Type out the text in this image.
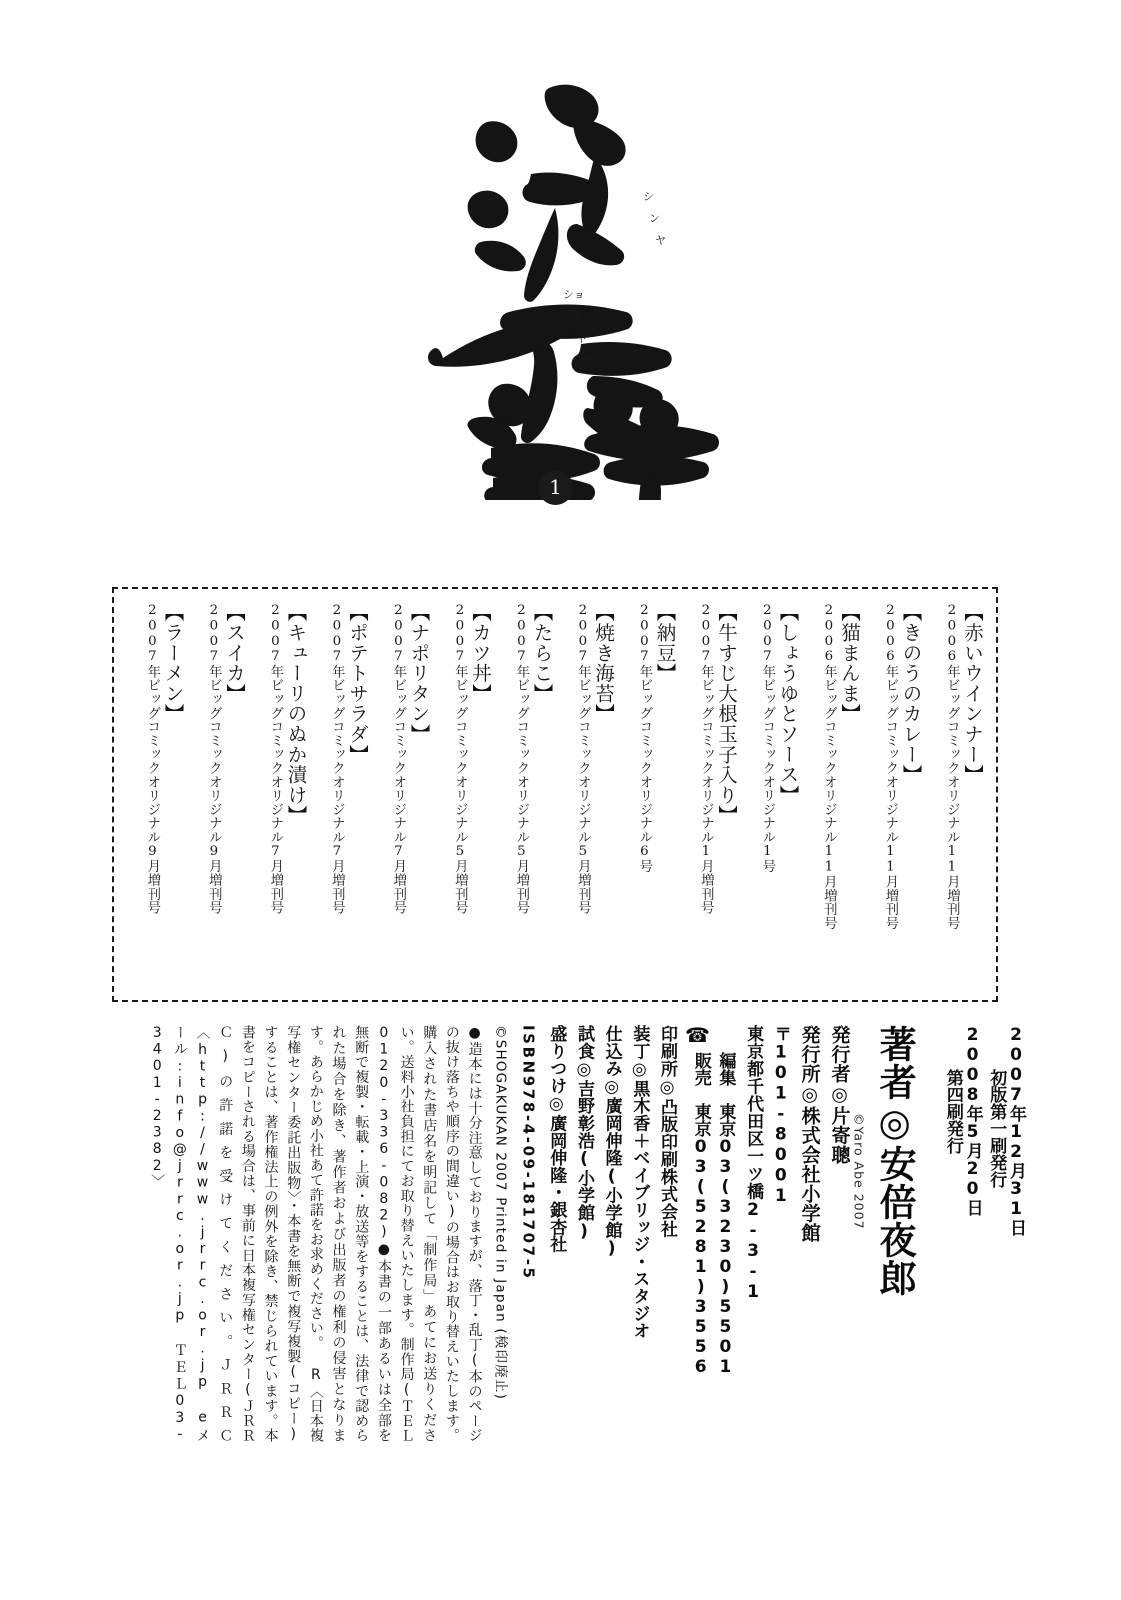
シ
ン
ヤ
ショ
ク
ド
ウ
1
【赤いウインナー】
2006年ビッグコミックオリジナル11月増刊号
【きのうのカレー】
2006年ビッグコミックオリジナル11月増刊号
【猫まんま】
2006年ビッグコミックオリジナル11月増刊号
【しょうゆとソース】
2007年ビッグコミックオリジナル1号
【牛すじ大根玉子入り】
2007年ビッグコミックオリジナル1月増刊号
【納豆】
2007年ビッグコミックオリジナル6号
【焼き海苔】
2007年ビッグコミックオリジナル5月増刊号
【たらこ】
2007年ビッグコミックオリジナル5月増刊号
【カツ丼】
2007年ビッグコミックオリジナル5月増刊号
【ナポリタン】
2007年ビッグコミックオリジナル7月増刊号
【ポテトサラダ】
2007年ビッグコミックオリジナル7月増刊号
【キューリのぬか漬け】
2007年ビッグコミックオリジナル7月増刊号
【スイカ】
2007年ビッグコミックオリジナル9月増刊号
【ラーメン】
2007年ビッグコミックオリジナル9月増刊号
2007年12月31日
初版第一刷発行
2008年5月20日
第四刷発行
著者◎安倍夜郎
©Yaro Abe 2007
発行者◎片寄聰
発行所◎株式会社小学館
〒101-8001
東京都千代田区一ツ橋2-3-1
☎
編集　東京03(3230)5501
販売　東京03(5281)3556
印刷所◎凸版印刷株式会社
装丁◎黒木香＋ベイブリッジ・スタジオ
仕込み◎廣岡伸隆(小学館)
試食◎吉野彰浩(小学館)
盛りつけ◎廣岡伸隆・銀杏社
ISBN978-4-09-181707-5
©SHOGAKUKAN 2007 Printed in Japan (検印廃止)
●造本には十分注意しておりますが、落丁・乱丁(本のページの抜け落ちや順序の間違い)の場合はお取り替えいたします。購入された書店名を明記して「制作局」あてにお送りください。送料小社負担にてお取り替えいたします。制作局(ＴＥＬ0120-336-082)●本書の一部あるいは全部を無断で複製・転載・上演・放送等をすることは、法律で認められた場合を除き、著作者および出版者の権利の侵害となります。あらかじめ小社あて許諾をお求めください。 R〈日本複写権センター委託出版物〉・本書を無断で複写複製(コピー)することは、著作権法上の例外を除き、禁じられています。本書をコピーされる場合は、事前に日本複写権センター(ＪＲＲＣ)の許諾を受けてください。ＪＲＲＣ〈http://www.jrrc.or.jp eメール:info@jrrc.or.jp ＴＥＬ03-3401-2382〉
